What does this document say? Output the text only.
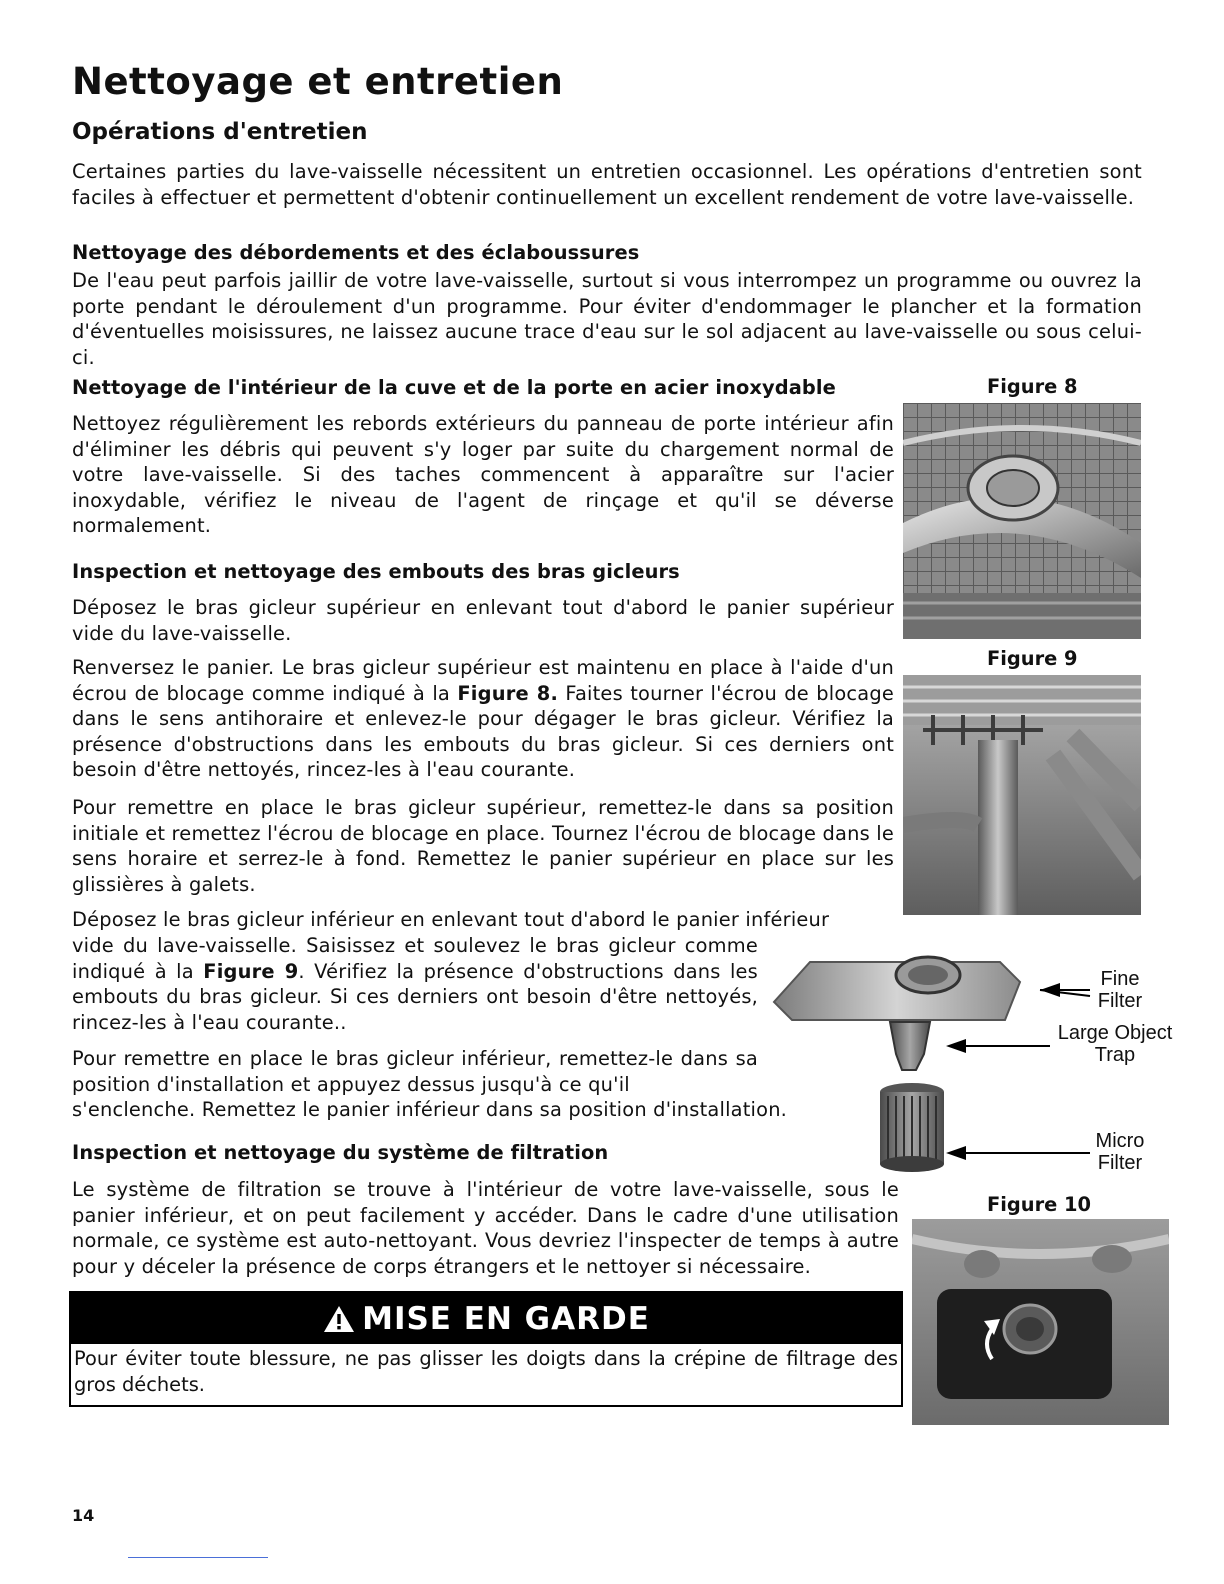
Nettoyage et entretien
Opérations d'entretien
Certaines parties du lave-vaisselle nécessitent un entretien occasionnel. Les opérations d'entretien sont faciles à effectuer et permettent d'obtenir continuellement un excellent rendement de votre lave-vaisselle.
Nettoyage des débordements et des éclaboussures
De l'eau peut parfois jaillir de votre lave-vaisselle, surtout si vous interrompez un programme ou ouvrez la porte pendant le déroulement d'un programme. Pour éviter d'endommager le plancher et la formation d'éventuelles moisissures, ne laissez aucune trace d'eau sur le sol adjacent au lave-vaisselle ou sous celui-ci.
Nettoyage de l'intérieur de la cuve et de la porte en acier inoxydable
Nettoyez régulièrement les rebords extérieurs du panneau de porte intérieur afin d'éliminer les débris qui peuvent s'y loger par suite du chargement normal de votre lave-vaisselle. Si des taches commencent à apparaître sur l'acier inoxydable, vérifiez le niveau de l'agent de rinçage et qu'il se déverse normalement.
Inspection et nettoyage des embouts des bras gicleurs
Déposez le bras gicleur supérieur en enlevant tout d'abord le panier supérieur vide du lave-vaisselle.
Renversez le panier. Le bras gicleur supérieur est maintenu en place à l'aide d'un écrou de blocage comme indiqué à la Figure 8. Faites tourner l'écrou de blocage dans le sens antihoraire et enlevez-le pour dégager le bras gicleur. Vérifiez la présence d'obstructions dans les embouts du bras gicleur. Si ces derniers ont besoin d'être nettoyés, rincez-les à l'eau courante.
Pour remettre en place le bras gicleur supérieur, remettez-le dans sa position initiale et remettez l'écrou de blocage en place. Tournez l'écrou de blocage dans le sens horaire et serrez-le à fond. Remettez le panier supérieur en place sur les glissières à galets.
Déposez le bras gicleur inférieur en enlevant tout d'abord le panier inférieur
vide du lave-vaisselle. Saisissez et soulevez le bras gicleur comme indiqué à la Figure 9. Vérifiez la présence d'obstructions dans les embouts du bras gicleur. Si ces derniers ont besoin d'être nettoyés, rincez-les à l'eau courante..
Pour remettre en place le bras gicleur inférieur, remettez-le dans sa position d'installation et appuyez dessus jusqu'à ce qu'il
s'enclenche. Remettez le panier inférieur dans sa position d'installation.
Inspection et nettoyage du système de filtration
Le système de filtration se trouve à l'intérieur de votre lave-vaisselle, sous le panier inférieur, et on peut facilement y accéder. Dans le cadre d'une utilisation normale, ce système est auto-nettoyant. Vous devriez l'inspecter de temps à autre pour y déceler la présence de corps étrangers et le nettoyer si nécessaire.
MISE EN GARDE
Pour éviter toute blessure, ne pas glisser les doigts dans la crépine de filtrage des gros déchets.
Figure 8
Figure 9
Fine
Filter
Large Object
Trap
Micro
Filter
Figure 10
14
